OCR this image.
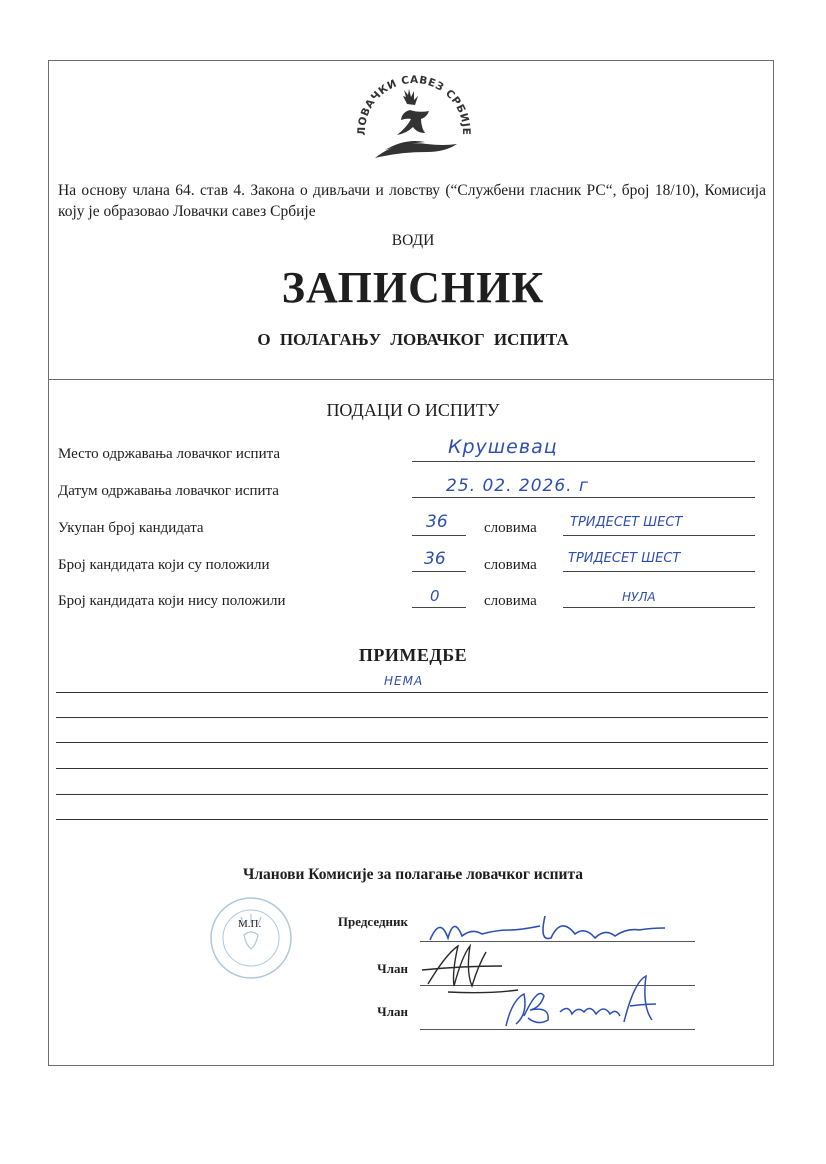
ЛОВАЧКИ САВЕЗ СРБИЈЕ
На основу члана 64. став 4. Закона о дивљачи и ловству (“Службени гласник РС“, број 18/10), Комисија коју је образовао Ловачки савез Србије
ВОДИ
ЗАПИСНИК
О ПОЛАГАЊУ ЛОВАЧКОГ ИСПИТА
ПОДАЦИ О ИСПИТУ
Место одржавања ловачког испита	Крушевац
Датум одржавања ловачког испита	25. 02. 2026. г
Укупан број кандидата	36 словима	ТРИДЕСЕТ ШЕСТ
Број кандидата који су положили	36	словима ТРИДЕСЕТ ШЕСТ
Број кандидата који нису положили	0	словима	НУЛА
ПРИМЕДБЕ
НЕМА
Чланови Комисије за полагање ловачког испита
М.П.	Председник
Члан
Члан
